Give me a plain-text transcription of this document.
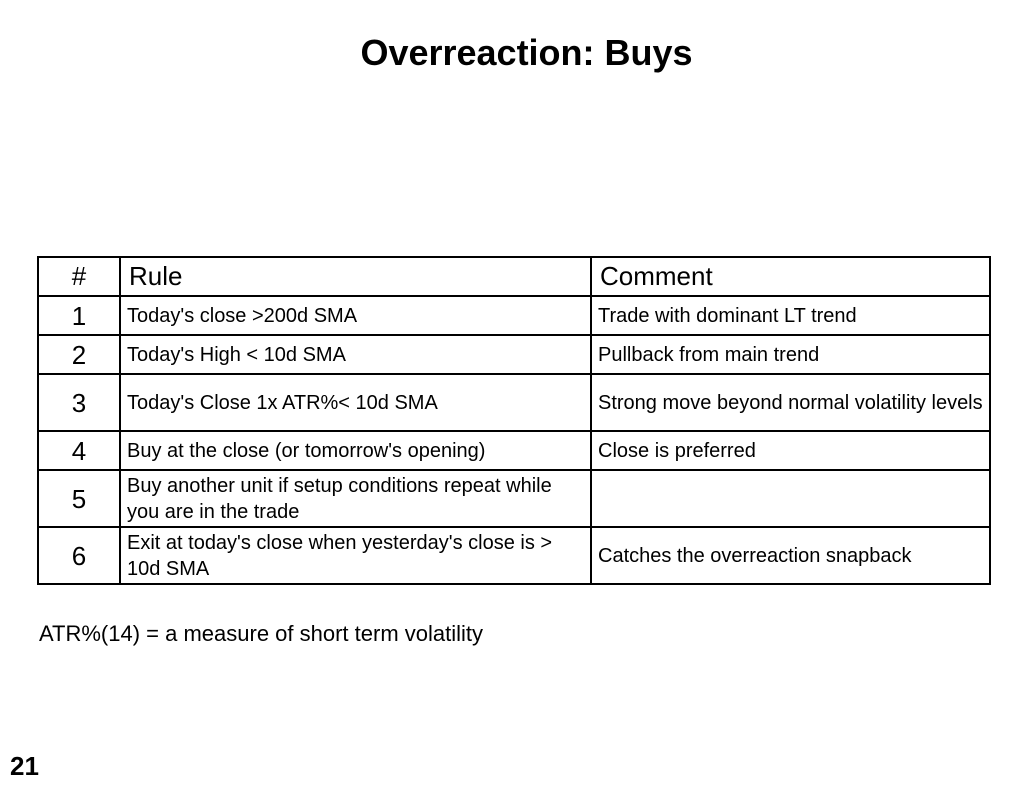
Overreaction: Buys
#	Rule	Comment
1	Today's close >200d SMA	Trade with dominant LT trend
2	Today's High < 10d SMA	Pullback from main trend
3	Today's Close 1x ATR%< 10d SMA	Strong move beyond normal volatility levels
4	Buy at the close (or tomorrow's opening)	Close is preferred
5	Buy another unit if setup conditions repeat while you are in the trade	
6	Exit at today's close when yesterday's close is > 10d SMA	Catches the overreaction snapback
ATR%(14) = a measure of short term volatility
21
